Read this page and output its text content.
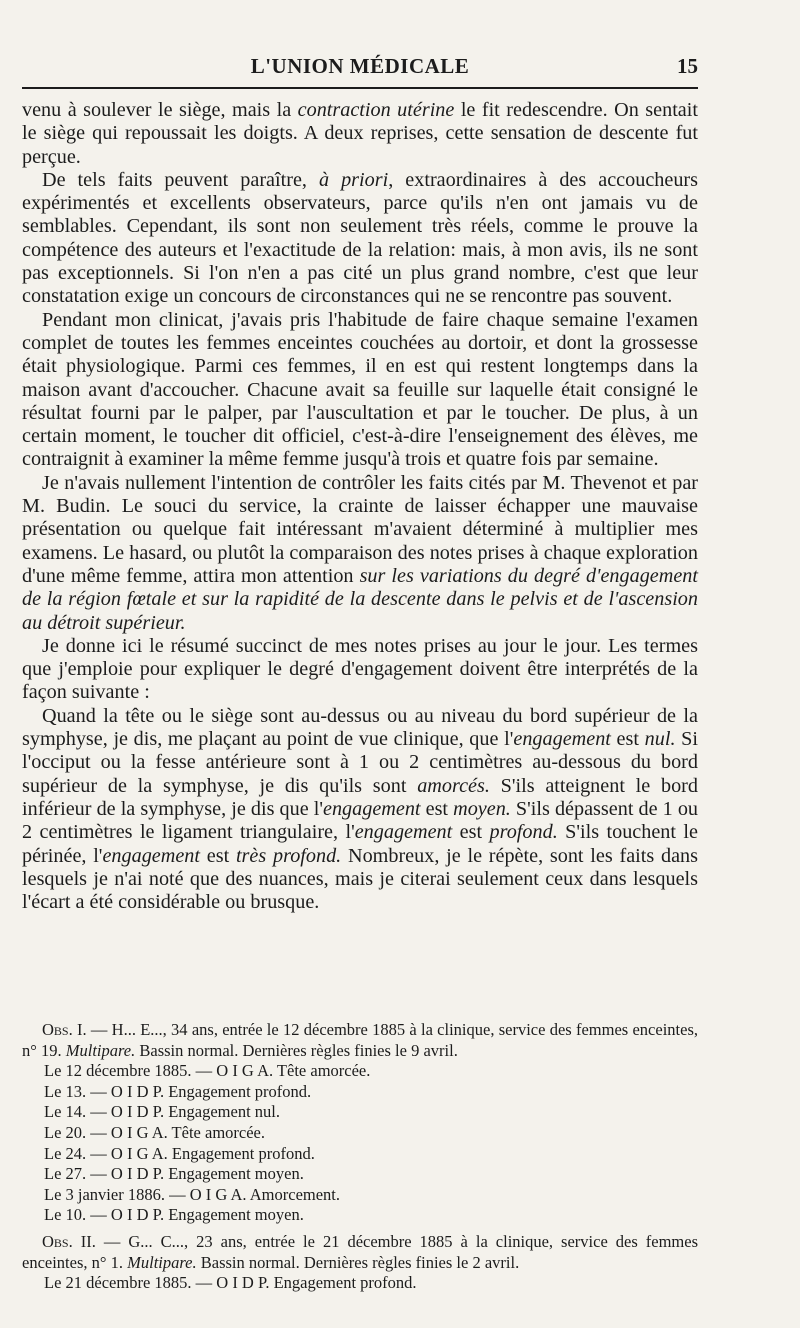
L'UNION MÉDICALE	15

venu à soulever le siège, mais la contraction utérine le fit redescendre. On sentait le siège qui repoussait les doigts. A deux reprises, cette sensation de descente fut perçue.

De tels faits peuvent paraître, à priori, extraordinaires à des accoucheurs expérimentés et excellents observateurs, parce qu'ils n'en ont jamais vu de semblables. Cependant, ils sont non seulement très réels, comme le prouve la compétence des auteurs et l'exactitude de la relation: mais, à mon avis, ils ne sont pas exceptionnels. Si l'on n'en a pas cité un plus grand nombre, c'est que leur constatation exige un concours de circonstances qui ne se rencontre pas souvent.

Pendant mon clinicat, j'avais pris l'habitude de faire chaque semaine l'examen complet de toutes les femmes enceintes couchées au dortoir, et dont la grossesse était physiologique. Parmi ces femmes, il en est qui restent longtemps dans la maison avant d'accoucher. Chacune avait sa feuille sur laquelle était consigné le résultat fourni par le palper, par l'auscultation et par le toucher. De plus, à un certain moment, le toucher dit officiel, c'est-à-dire l'enseignement des élèves, me contraignit à examiner la même femme jusqu'à trois et quatre fois par semaine.

Je n'avais nullement l'intention de contrôler les faits cités par M. Thevenot et par M. Budin. Le souci du service, la crainte de laisser échapper une mauvaise présentation ou quelque fait intéressant m'avaient déterminé à multiplier mes examens. Le hasard, ou plutôt la comparaison des notes prises à chaque exploration d'une même femme, attira mon attention sur les variations du degré d'engagement de la région fœtale et sur la rapidité de la descente dans le pelvis et de l'ascension au détroit supérieur.

Je donne ici le résumé succinct de mes notes prises au jour le jour. Les termes que j'emploie pour expliquer le degré d'engagement doivent être interprétés de la façon suivante :

Quand la tête ou le siège sont au-dessus ou au niveau du bord supérieur de la symphyse, je dis, me plaçant au point de vue clinique, que l'engagement est nul. Si l'occiput ou la fesse antérieure sont à 1 ou 2 centimètres au-dessous du bord supérieur de la symphyse, je dis qu'ils sont amorcés. S'ils atteignent le bord inférieur de la symphyse, je dis que l'engagement est moyen. S'ils dépassent de 1 ou 2 centimètres le ligament triangulaire, l'engagement est profond. S'ils touchent le périnée, l'engagement est très profond. Nombreux, je le répète, sont les faits dans lesquels je n'ai noté que des nuances, mais je citerai seulement ceux dans lesquels l'écart a été considérable ou brusque.

Obs. I. — H... E..., 34 ans, entrée le 12 décembre 1885 à la clinique, service des femmes enceintes, n° 19. Multipare. Bassin normal. Dernières règles finies le 9 avril.

Le 12 décembre 1885. — O I G A. Tête amorcée.

Le 13. — O I D P. Engagement profond.

Le 14. — O I D P. Engagement nul.

Le 20. — O I G A. Tête amorcée.

Le 24. — O I G A. Engagement profond.

Le 27. — O I D P. Engagement moyen.

Le 3 janvier 1886. — O I G A. Amorcement.

Le 10. — O I D P. Engagement moyen.

Obs. II. — G... C..., 23 ans, entrée le 21 décembre 1885 à la clinique, service des femmes enceintes, n° 1. Multipare. Bassin normal. Dernières règles finies le 2 avril.

Le 21 décembre 1885. — O I D P. Engagement profond.
